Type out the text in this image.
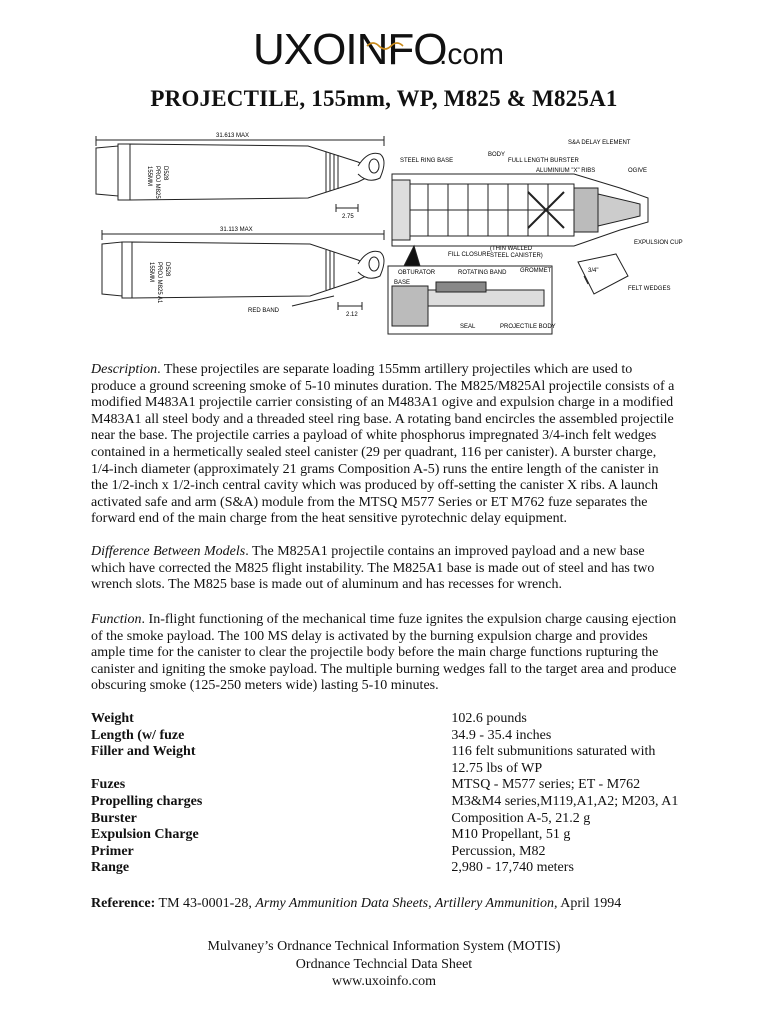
UXOINFO
.com
PROJECTILE, 155mm, WP, M825 & M825A1
31.613 MAX
31.113 MAX
2.75
2.12
RED BAND
155MM PROJ M825 D528
155MM PROJ M825 A1 D528
S&A DELAY ELEMENT
BODY
STEEL RING BASE	FULL LENGTH BURSTER
ALUMINIUM "X" RIBS	OGIVE
EXPULSION CUP
FILL CLOSURE
(THIN WALLED
STEEL CANISTER)
OBTURATOR	ROTATING BAND GROMMET
BASE
SEAL	PROJECTILE BODY
FELT WEDGES
3/4"
Description. These projectiles are separate loading 155mm artillery projectiles which are used to produce a ground screening smoke of 5-10 minutes duration. The M825/M825Al projectile consists of a modified M483A1 projectile carrier consisting of an M483A1 ogive and expulsion charge in a modified M483A1 all steel body and a threaded steel ring base. A rotating band encircles the assembled projectile near the base. The projectile carries a payload of white phosphorus impregnated 3/4-inch felt wedges contained in a hermetically sealed steel canister (29 per quadrant, 116 per canister). A burster charge, 1/4-inch diameter (approximately 21 grams Composition A-5) runs the entire length of the canister in the 1/2-inch x 1/2-inch central cavity which was produced by off-setting the canister X ribs. A launch activated safe and arm (S&A) module from the MTSQ M577 Series or ET M762 fuze separates the forward end of the main charge from the heat sensitive pyrotechnic delay equipment.
Difference Between Models. The M825A1 projectile contains an improved payload and a new base which have corrected the M825 flight instability. The M825A1 base is made out of steel and has two wrench slots. The M825 base is made out of aluminum and has recesses for wrench.
Function. In-flight functioning of the mechanical time fuze ignites the expulsion charge causing ejection of the smoke payload. The 100 MS delay is activated by the burning expulsion charge and provides ample time for the canister to clear the projectile body before the main charge functions rupturing the canister and igniting the smoke payload. The multiple burning wedges fall to the target area and produce obscuring smoke (125-250 meters wide) lasting 5-10 minutes.
Weight	102.6 pounds
Length (w/ fuze	34.9 - 35.4 inches
Filler and Weight	116 felt submunitions saturated with
12.75 lbs of WP
Fuzes	MTSQ - M577 series; ET - M762
Propelling charges	M3&M4 series,M119,A1,A2; M203, A1
Burster	Composition A-5, 21.2 g
Expulsion Charge	M10 Propellant, 51 g
Primer	Percussion, M82
Range	2,980 - 17,740 meters
Reference: TM 43-0001-28, Army Ammunition Data Sheets, Artillery Ammunition, April 1994
Mulvaney’s Ordnance Technical Information System (MOTIS)
Ordnance Techncial Data Sheet
www.uxoinfo.com
